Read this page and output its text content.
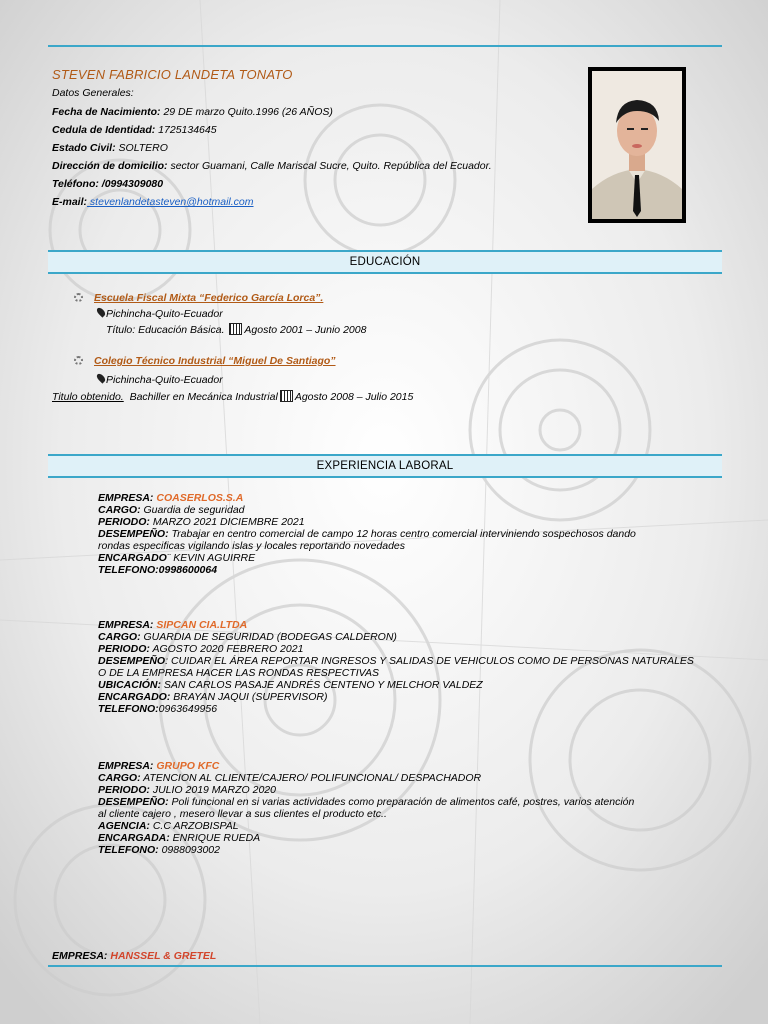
STEVEN FABRICIO LANDETA TONATO
Datos Generales:
Fecha de Nacimiento: 29 DE marzo Quito.1996 (26 AÑOS)
Cedula de Identidad: 1725134645
Estado Civil: SOLTERO
Dirección de domicilio: sector Guamani, Calle Mariscal Sucre, Quito. República del Ecuador.
Teléfono: /0994309080
E-mail: stevenlandetasteven@hotmail.com
EDUCACIÓN
Escuela Fiscal Mixta “Federico García Lorca”.
Pichincha-Quito-Ecuador
Título: Educación Básica. Agosto 2001 – Junio 2008
Colegio Técnico Industrial “Miguel De Santiago”
Pichincha-Quito-Ecuador
Titulo obtenido. Bachiller en Mecánica Industrial Agosto 2008 – Julio 2015
EXPERIENCIA LABORAL
EMPRESA: COASERLOS.S.A
CARGO: Guardia de seguridad
PERIODO: MARZO 2021 DICIEMBRE 2021
DESEMPEÑO: Trabajar en centro comercial de campo 12 horas centro comercial interviniendo sospechosos dando
rondas especificas vigilando islas y locales reportando novedades
ENCARGADO¨ KEVIN AGUIRRE
TELEFONO:0998600064
EMPRESA: SIPCAN CIA.LTDA
CARGO: GUARDIA DE SEGURIDAD (BODEGAS CALDERON)
PERIODO: AGOSTO 2020 FEBRERO 2021
DESEMPEÑO: CUIDAR EL ÁREA REPORTAR INGRESOS Y SALIDAS DE VEHICULOS COMO DE PERSONAS NATURALES
O DE LA EMPRESA HACER LAS RONDAS RESPECTIVAS
UBICACIÓN: SAN CARLOS PASAJE ANDRÉS CENTENO Y MELCHOR VALDEZ
ENCARGADO: BRAYAN JAQUI (SUPERVISOR)
TELEFONO:0963649956
EMPRESA: GRUPO KFC
CARGO: ATENCION AL CLIENTE/CAJERO/ POLIFUNCIONAL/ DESPACHADOR
PERIODO: JULIO 2019 MARZO 2020
DESEMPEÑO: Poli funcional en si varias actividades como preparación de alimentos café, postres, varios atención
al cliente cajero , mesero llevar a sus clientes el producto etc..
AGENCIA: C.C ARZOBISPAL
ENCARGADA: ENRIQUE RUEDA
TELEFONO: 0988093002
EMPRESA: HANSSEL & GRETEL
